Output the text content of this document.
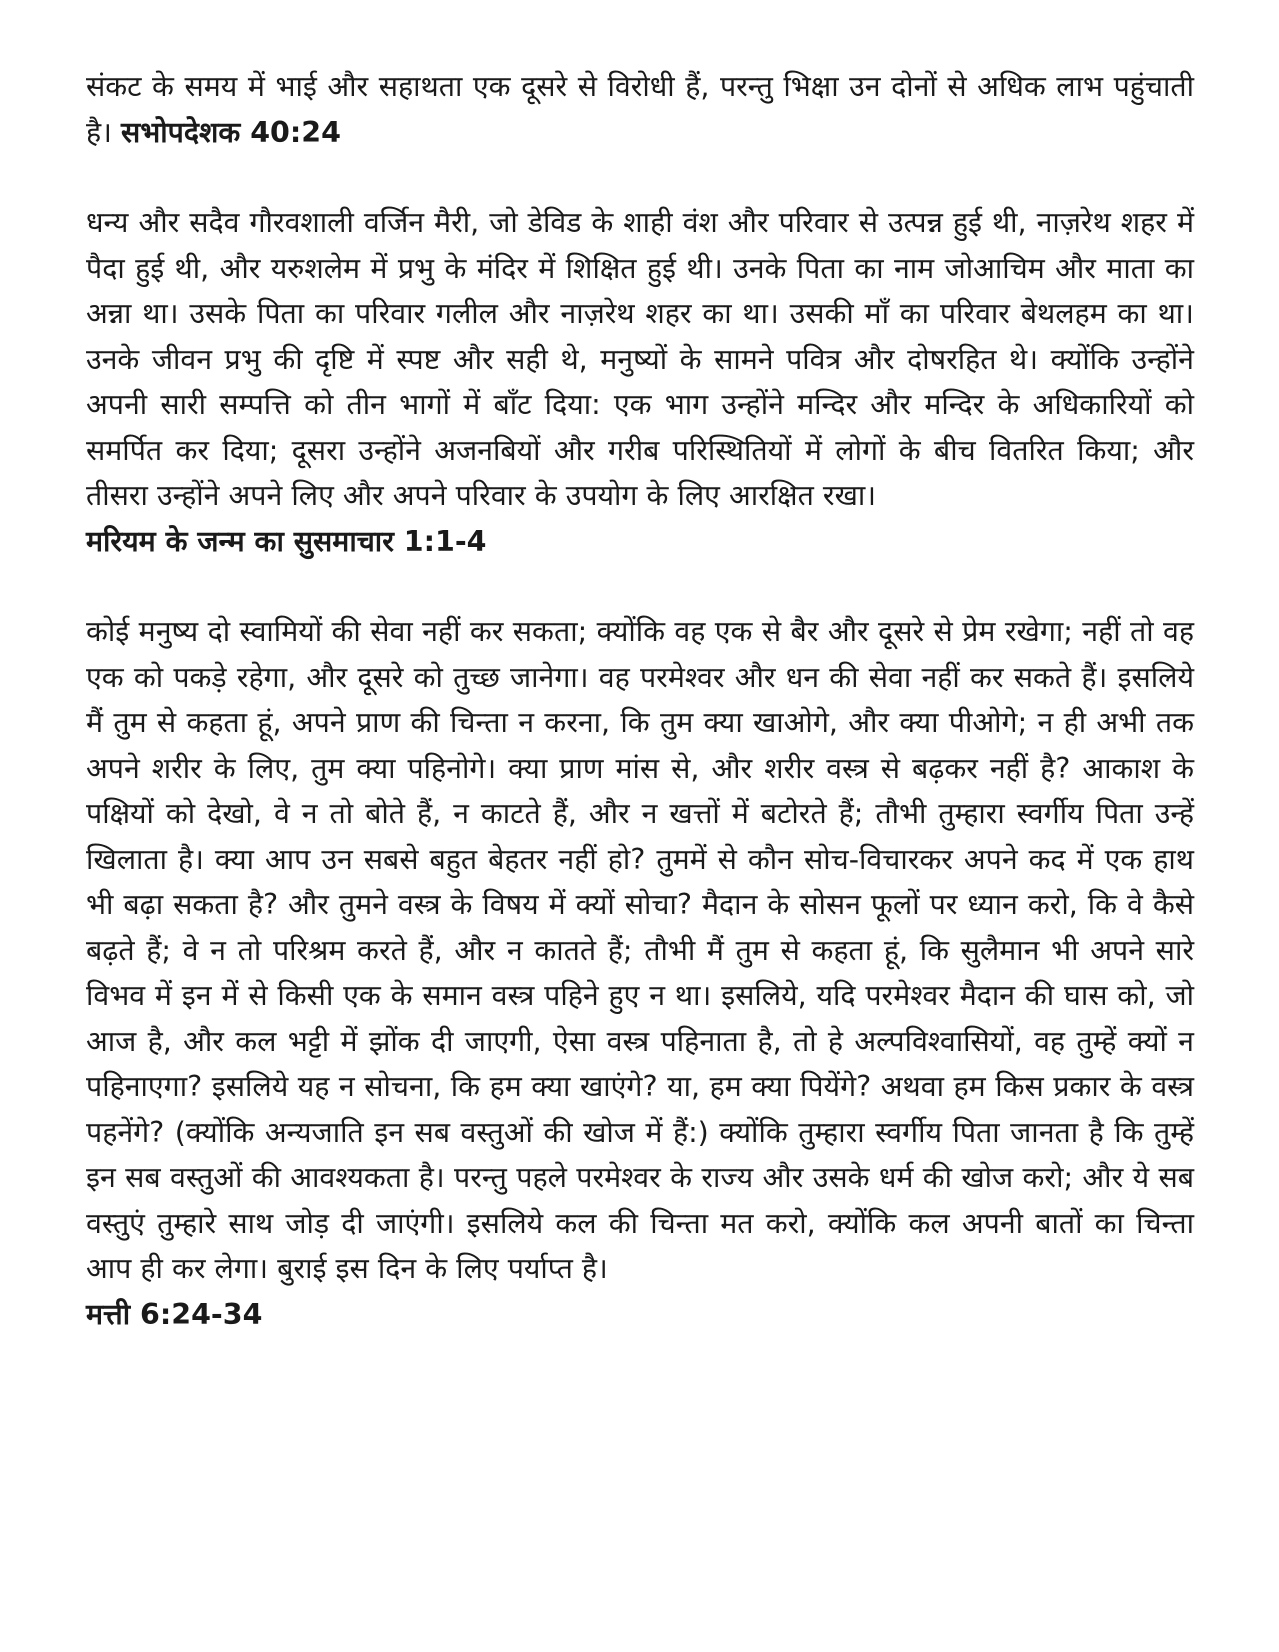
संकट के समय में भाई और सहाथता एक दूसरे से विरोधी हैं, परन्तु भिक्षा उन दोनों से अधिक लाभ पहुंचाती है। सभोपदेशक 40:24

धन्य और सदैव गौरवशाली वर्जिन मैरी, जो डेविड के शाही वंश और परिवार से उत्पन्न हुई थी, नाज़रेथ शहर में पैदा हुई थी, और यरुशलेम में प्रभु के मंदिर में शिक्षित हुई थी। उनके पिता का नाम जोआचिम और माता का अन्ना था। उसके पिता का परिवार गलील और नाज़रेथ शहर का था। उसकी माँ का परिवार बेथलहम का था। उनके जीवन प्रभु की दृष्टि में स्पष्ट और सही थे, मनुष्यों के सामने पवित्र और दोषरहित थे। क्योंकि उन्होंने अपनी सारी सम्पत्ति को तीन भागों में बाँट दिया: एक भाग उन्होंने मन्दिर और मन्दिर के अधिकारियों को समर्पित कर दिया; दूसरा उन्होंने अजनबियों और गरीब परिस्थितियों में लोगों के बीच वितरित किया; और तीसरा उन्होंने अपने लिए और अपने परिवार के उपयोग के लिए आरक्षित रखा।

मरियम के जन्म का सुसमाचार 1:1-4

कोई मनुष्य दो स्वामियों की सेवा नहीं कर सकता; क्योंकि वह एक से बैर और दूसरे से प्रेम रखेगा; नहीं तो वह एक को पकड़े रहेगा, और दूसरे को तुच्छ जानेगा। वह परमेश्वर और धन की सेवा नहीं कर सकते हैं। इसलिये मैं तुम से कहता हूं, अपने प्राण की चिन्ता न करना, कि तुम क्या खाओगे, और क्या पीओगे; न ही अभी तक अपने शरीर के लिए, तुम क्या पहिनोगे। क्या प्राण मांस से, और शरीर वस्त्र से बढ़कर नहीं है? आकाश के पक्षियों को देखो, वे न तो बोते हैं, न काटते हैं, और न खत्तों में बटोरते हैं; तौभी तुम्हारा स्वर्गीय पिता उन्हें खिलाता है। क्या आप उन सबसे बहुत बेहतर नहीं हो? तुममें से कौन सोच-विचारकर अपने कद में एक हाथ भी बढ़ा सकता है? और तुमने वस्त्र के विषय में क्यों सोचा? मैदान के सोसन फूलों पर ध्यान करो, कि वे कैसे बढ़ते हैं; वे न तो परिश्रम करते हैं, और न कातते हैं; तौभी मैं तुम से कहता हूं, कि सुलैमान भी अपने सारे विभव में इन में से किसी एक के समान वस्त्र पहिने हुए न था। इसलिये, यदि परमेश्वर मैदान की घास को, जो आज है, और कल भट्टी में झोंक दी जाएगी, ऐसा वस्त्र पहिनाता है, तो हे अल्पविश्वासियों, वह तुम्हें क्यों न पहिनाएगा? इसलिये यह न सोचना, कि हम क्या खाएंगे? या, हम क्या पियेंगे? अथवा हम किस प्रकार के वस्त्र पहनेंगे? (क्योंकि अन्यजाति इन सब वस्तुओं की खोज में हैं:) क्योंकि तुम्हारा स्वर्गीय पिता जानता है कि तुम्हें इन सब वस्तुओं की आवश्यकता है। परन्तु पहले परमेश्वर के राज्य और उसके धर्म की खोज करो; और ये सब वस्तुएं तुम्हारे साथ जोड़ दी जाएंगी। इसलिये कल की चिन्ता मत करो, क्योंकि कल अपनी बातों का चिन्ता आप ही कर लेगा। बुराई इस दिन के लिए पर्याप्त है।

मत्ती 6:24-34
